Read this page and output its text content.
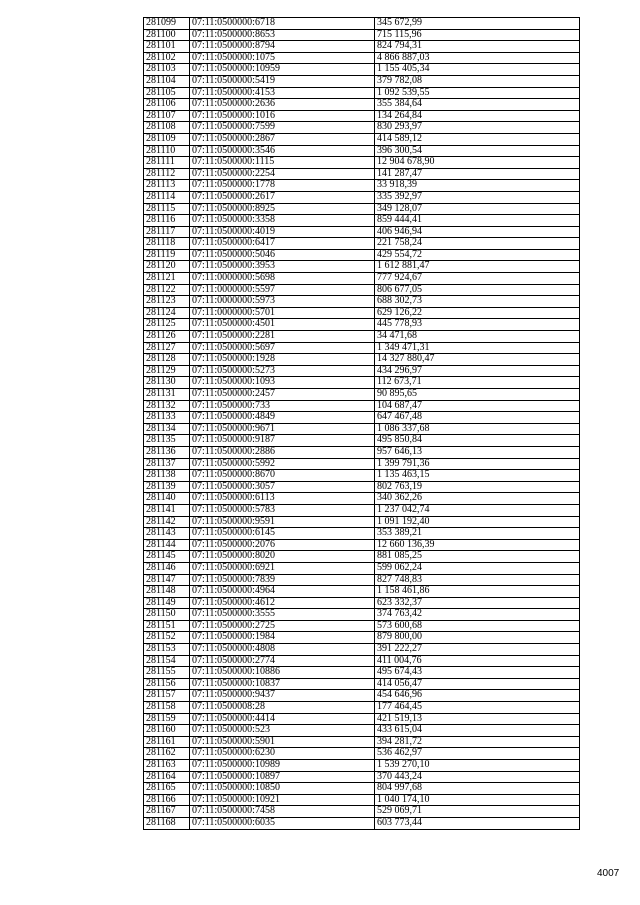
281099	07:11:0500000:6718	345 672,99
281100	07:11:0500000:8653	715 115,96
281101	07:11:0500000:8794	824 794,31
281102	07:11:0500000:1075	4 866 887,03
281103	07:11:0500000:10959	1 155 405,34
281104	07:11:0500000:5419	379 782,08
281105	07:11:0500000:4153	1 092 539,55
281106	07:11:0500000:2636	355 384,64
281107	07:11:0500000:1016	134 264,84
281108	07:11:0500000:7599	830 293,97
281109	07:11:0500000:2867	414 589,12
281110	07:11:0500000:3546	396 300,54
281111	07:11:0500000:1115	12 904 678,90
281112	07:11:0500000:2254	141 287,47
281113	07:11:0500000:1778	33 918,39
281114	07:11:0500000:2617	335 392,97
281115	07:11:0500000:8925	349 128,07
281116	07:11:0500000:3358	859 444,41
281117	07:11:0500000:4019	406 946,94
281118	07:11:0500000:6417	221 758,24
281119	07:11:0500000:5046	429 554,72
281120	07:11:0500000:3953	1 612 881,47
281121	07:11:0000000:5698	777 924,67
281122	07:11:0000000:5597	806 677,05
281123	07:11:0000000:5973	688 302,73
281124	07:11:0000000:5701	629 126,22
281125	07:11:0500000:4501	445 778,93
281126	07:11:0500000:2281	34 471,68
281127	07:11:0500000:5697	1 349 471,31
281128	07:11:0500000:1928	14 327 880,47
281129	07:11:0500000:5273	434 296,97
281130	07:11:0500000:1093	112 673,71
281131	07:11:0500000:2457	90 895,65
281132	07:11:0500000:733	104 687,47
281133	07:11:0500000:4849	647 467,48
281134	07:11:0500000:9671	1 086 337,68
281135	07:11:0500000:9187	495 850,84
281136	07:11:0500000:2886	957 646,13
281137	07:11:0500000:5992	1 399 791,36
281138	07:11:0500000:8670	1 135 463,15
281139	07:11:0500000:3057	802 763,19
281140	07:11:0500000:6113	340 362,26
281141	07:11:0500000:5783	1 237 042,74
281142	07:11:0500000:9591	1 091 192,40
281143	07:11:0500000:6145	353 389,21
281144	07:11:0500000:2076	12 660 136,39
281145	07:11:0500000:8020	881 085,25
281146	07:11:0500000:6921	599 062,24
281147	07:11:0500000:7839	827 748,83
281148	07:11:0500000:4964	1 158 461,86
281149	07:11:0500000:4612	623 332,37
281150	07:11:0500000:3555	374 763,42
281151	07:11:0500000:2725	573 600,68
281152	07:11:0500000:1984	879 800,00
281153	07:11:0500000:4808	391 222,27
281154	07:11:0500000:2774	411 004,76
281155	07:11:0500000:10886	495 674,43
281156	07:11:0500000:10837	414 056,47
281157	07:11:0500000:9437	454 646,96
281158	07:11:0500008:28	177 464,45
281159	07:11:0500000:4414	421 519,13
281160	07:11:0500000:523	433 615,04
281161	07:11:0500000:5901	394 281,72
281162	07:11:0500000:6230	536 462,97
281163	07:11:0500000:10989	1 539 270,10
281164	07:11:0500000:10897	370 443,24
281165	07:11:0500000:10850	804 997,68
281166	07:11:0500000:10921	1 040 174,10
281167	07:11:0500000:7458	529 069,71
281168	07:11:0500000:6035	603 773,44
4007
